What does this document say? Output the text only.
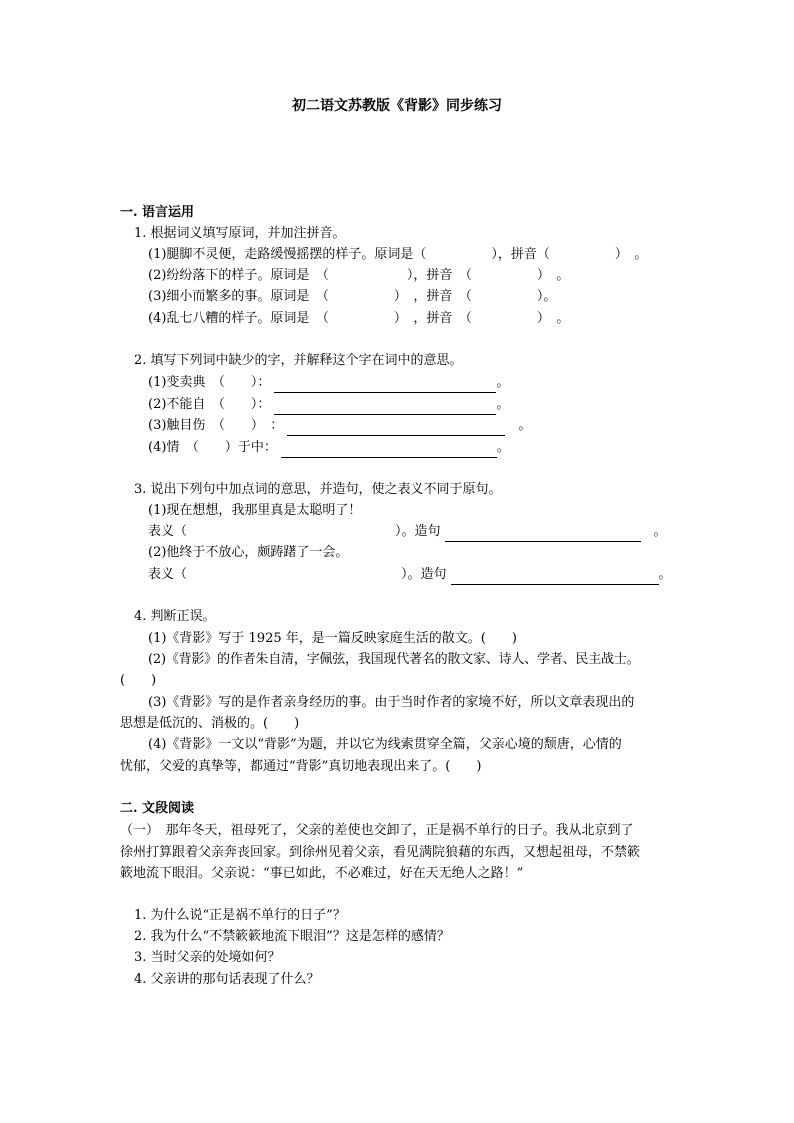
初二语文苏教版《背影》同步练习
一. 语言运用
1. 根据词义填写原词，并加注拼音。
(1)腿脚不灵便，走路缓慢摇摆的样子。原词是（　　　　　），拼音（　　　　　）　。
(2)纷纷落下的样子。原词是　（　　　　　　），拼音　（　　　　　）　。
(3)细小而繁多的事。原词是　（　　　　　）　，拼音　（　　　　　）。
(4)乱七八糟的样子。原词是　（　　　　　）　，拼音　（　　　　　）　。
2. 填写下列词中缺少的字，并解释这个字在词中的意思。
(1)变卖典　（　　）：	。
(2)不能自　（　　）：	。
(3)触目伤　（　　）　：	　。
(4)情　（　　）于中：	。
3. 说出下列句中加点词的意思，并造句，使之表义不同于原句。
(1)现在想想，我那里真是太聪明了！
表义（	）。造句	　。
(2)他终于不放心，颇踌躇了一会。
表义（	）。造句	。
4. 判断正误。
(1)《背影》写于 1925 年，是一篇反映家庭生活的散文。(　　)
(2)《背影》的作者朱自清，字佩弦，我国现代著名的散文家、诗人、学者、民主战士。
(　　)
(3)《背影》写的是作者亲身经历的事。由于当时作者的家境不好，所以文章表现出的
思想是低沉的、消极的。(　　)
(4)《背影》一文以“背影”为题，并以它为线索贯穿全篇，父亲心境的颓唐，心情的
忧郁，父爱的真挚等，都通过“背影”真切地表现出来了。(　　)
二. 文段阅读
（一）　那年冬天，祖母死了，父亲的差使也交卸了，正是祸不单行的日子。我从北京到了
徐州打算跟着父亲奔丧回家。到徐州见着父亲，看见满院狼藉的东西，又想起祖母，不禁簌
簌地流下眼泪。父亲说：“事已如此，不必难过，好在天无绝人之路！”
1. 为什么说“正是祸不单行的日子”？
2. 我为什么“不禁簌簌地流下眼泪”？这是怎样的感情？
3. 当时父亲的处境如何？
4. 父亲讲的那句话表现了什么？
